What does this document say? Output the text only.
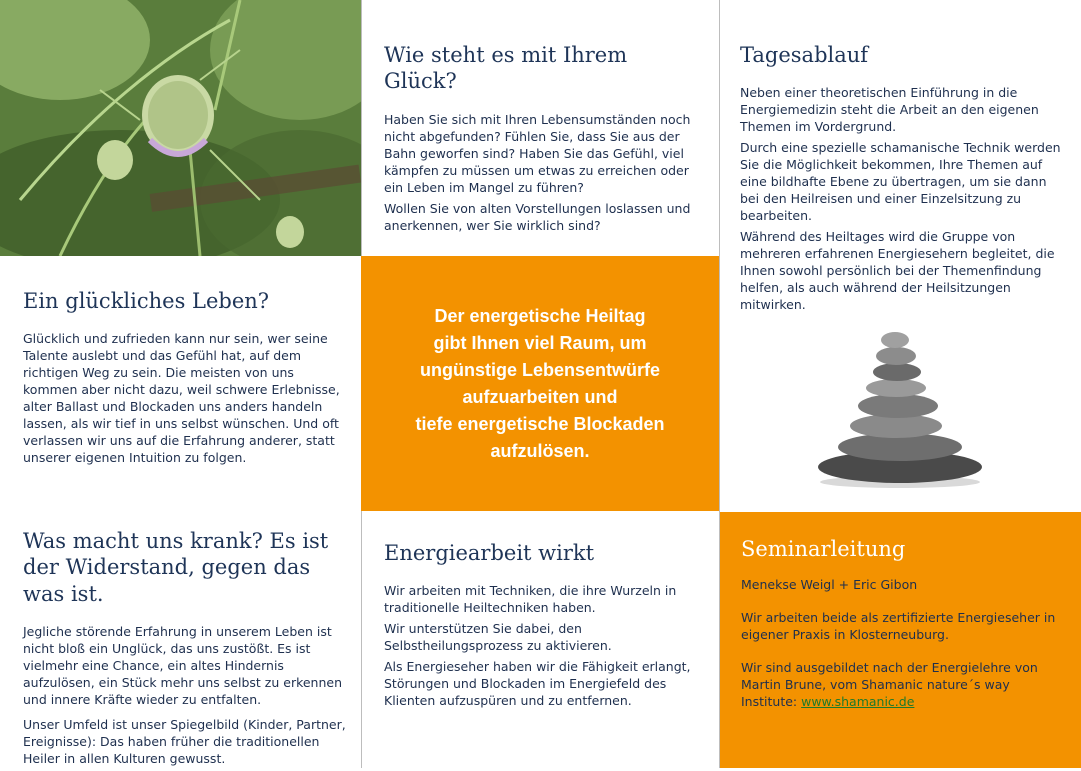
Wie steht es mit Ihrem Glück?

Haben Sie sich mit Ihren Lebensumständen noch nicht abgefunden? Fühlen Sie, dass Sie aus der Bahn geworfen sind? Haben Sie das Gefühl, viel kämpfen zu müssen um etwas zu erreichen oder ein Leben im Mangel zu führen?

Wollen Sie von alten Vorstellungen loslassen und anerkennen, wer Sie wirklich sind?

Tagesablauf

Neben einer theoretischen Einführung in die Energiemedizin steht die Arbeit an den eigenen Themen im Vordergrund.

Durch eine spezielle schamanische Technik werden Sie die Möglichkeit bekommen, Ihre Themen auf eine bildhafte Ebene zu übertragen, um sie dann bei den Heilreisen und einer Einzelsitzung zu bearbeiten.

Während des Heiltages wird die Gruppe von mehreren erfahrenen Energiesehern begleitet, die Ihnen sowohl persönlich bei der Themenfindung helfen, als auch während der Heilsitzungen mitwirken.

Ein glückliches Leben?

Glücklich und zufrieden kann nur sein, wer seine Talente auslebt und das Gefühl hat, auf dem richtigen Weg zu sein. Die meisten von uns kommen aber nicht dazu, weil schwere Erlebnisse, alter Ballast und Blockaden uns anders handeln lassen, als wir tief in uns selbst wünschen. Und oft verlassen wir uns auf die Erfahrung anderer, statt unserer eigenen Intuition zu folgen.

Der energetische Heiltag
gibt Ihnen viel Raum, um
ungünstige Lebensentwürfe
aufzuarbeiten und
tiefe energetische Blockaden
aufzulösen.

Was macht uns krank? Es ist der Widerstand, gegen das was ist.

Jegliche störende Erfahrung in unserem Leben ist nicht bloß ein Unglück, das uns zustößt. Es ist vielmehr eine Chance, ein altes Hindernis aufzulösen, ein Stück mehr uns selbst zu erkennen und innere Kräfte wieder zu entfalten.

Unser Umfeld ist unser Spiegelbild (Kinder, Partner, Ereignisse): Das haben früher die traditionellen Heiler in allen Kulturen gewusst.

Energiearbeit wirkt

Wir arbeiten mit Techniken, die ihre Wurzeln in traditionelle Heiltechniken haben.

Wir unterstützen Sie dabei, den Selbstheilungsprozess zu aktivieren.

Als Energieseher haben wir die Fähigkeit erlangt, Störungen und Blockaden im Energiefeld des Klienten aufzuspüren und zu entfernen.

Seminarleitung

Menekse Weigl + Eric Gibon

Wir arbeiten beide als zertifizierte Energieseher in eigener Praxis in Klosterneuburg.

Wir sind ausgebildet nach der Energielehre von Martin Brune, vom Shamanic nature´s way Institute: www.shamanic.de
